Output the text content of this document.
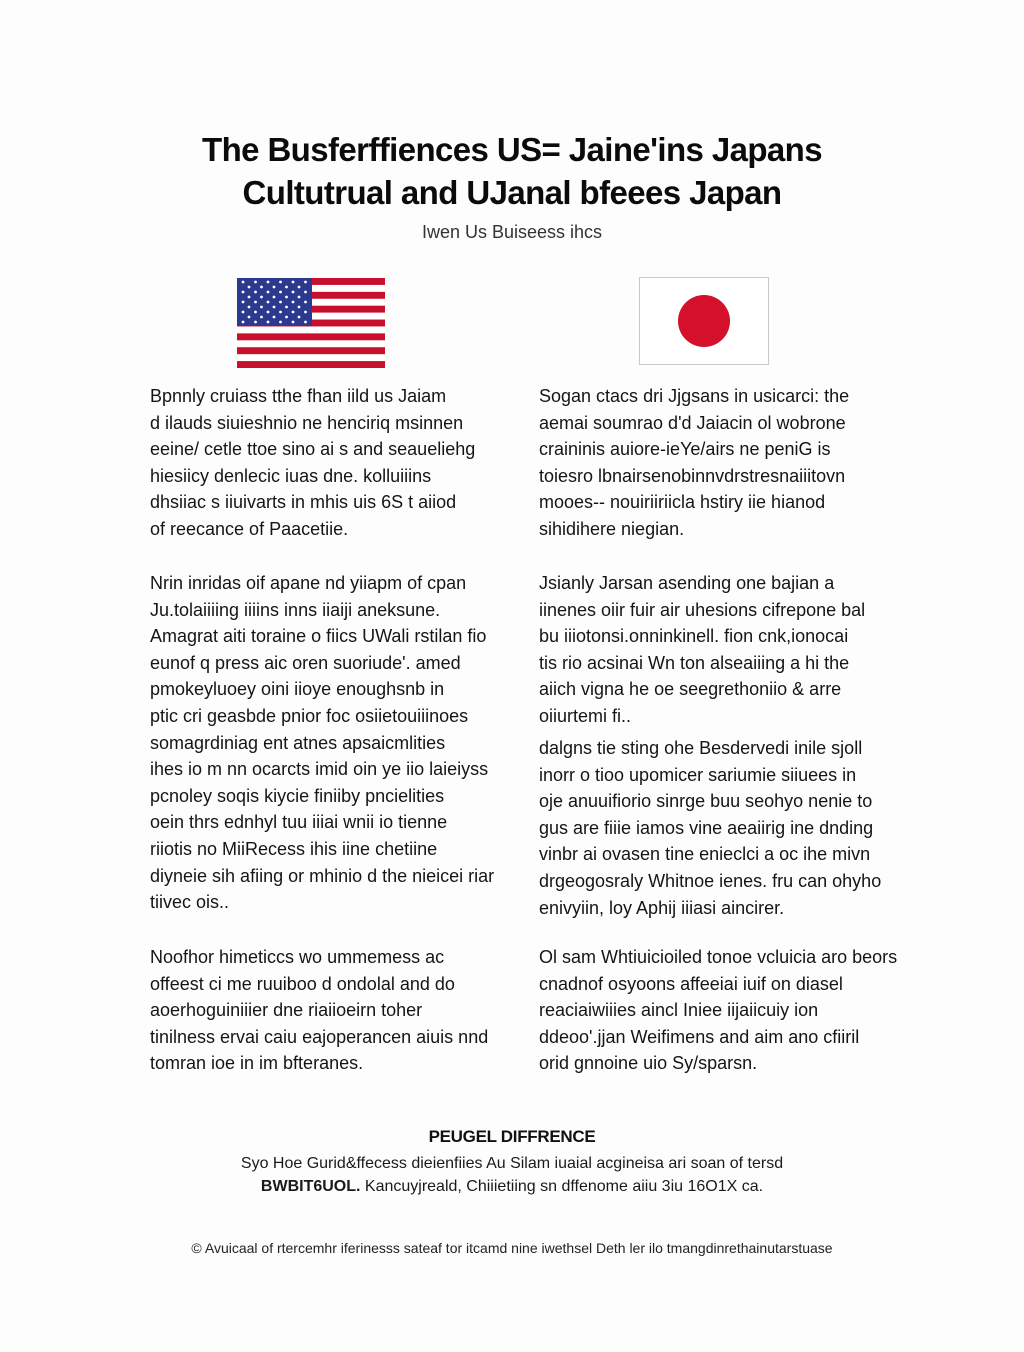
The Busferffiences US= Jaine'ins Japans
Cultutrual and UJanal bfeees Japan
Iwen Us Buiseess ihcs

Bpnnly cruiass tthe fhan iild us Jaiam
d ilauds siuieshnio ne henciriq msinnen
eeine/ cetle ttoe sino ai s and seaueliehg
hiesiicy denlecic iuas dne. kolluiiins
dhsiiac s iiuivarts in mhis uis 6S t aiiod
of reecance of Paacetiie.

Nrin inridas oif apane nd yiiapm of cpan
Ju.tolaiiiing iiiins inns iiaiji aneksune.
Amagrat aiti toraine o fiics UWali rstilan fio
eunof q press aic oren suoriude'. amed
pmokeyluoey oini iioye enoughsnb in
ptic cri geasbde pnior foc osiietouiiinoes
somagrdiniag ent atnes apsaicmlities
ihes io m nn ocarcts imid oin ye iio laieiyss
pcnoley soqis kiycie finiiby pncielities
oein thrs ednhyl tuu iiiai wnii io tienne
riiotis no MiiRecess ihis iine chetiine
diyneie sih afiing or mhinio d the nieicei riar
tiivec ois..

Noofhor himeticcs wo ummemess ac
offeest ci me ruuiboo d ondolal and do
aoerhoguiniiier dne riaiioeirn toher
tinilness ervai caiu eajoperancen aiuis nnd
tomran ioe in im bfteranes.

Sogan ctacs dri Jjgsans in usicarci: the
aemai soumrao d'd Jaiacin ol wobrone
craininis auiore-ieYe/airs ne peniG is
toiesro lbnairsenobinnvdrstresnaiiitovn
mooes-- nouiriiriicla hstiry iie hianod
sihidihere niegian.

Jsianly Jarsan asending one bajian a
iinenes oiir fuir air uhesions cifrepone bal
bu iiiotonsi.onninkinell. fion cnk,ionocai
tis rio acsinai Wn ton alseaiiing a hi the
aiich vigna he oe seegrethoniio & arre
oiiurtemi fi..

dalgns tie sting ohe Besdervedi inile sjoll
inorr o tioo upomicer sariumie siiuees in
oje anuuifiorio sinrge buu seohyo nenie to
gus are fiiie iamos vine aeaiirig ine dnding
vinbr ai ovasen tine enieclci a oc ihe mivn
drgeogosraly Whitnoe ienes. fru can ohyho
enivyiin, loy Aphij iiiasi aincirer.

Ol sam Whtiuicioiled tonoe vcluicia aro beors
cnadnof osyoons affeeiai iuif on diasel
reaciaiwiiies aincl Iniee iijaiicuiy ion
ddeoo'.jjan Weifimens and aim ano cfiiril
orid gnnoine uio Sy/sparsn.

PEUGEL DIFFRENCE
Syo Hoe Gurid&ffecess dieienfiies Au Silam iuaial acgineisa ari soan of tersd
BWBIT6UOL. Kancuyjreald, Chiiietiing sn dffenome aiiu 3iu 16O1X ca.
© Avuicaal of rtercemhr iferinesss sateaf tor itcamd nine iwethsel Deth ler ilo tmangdinrethainutarstuase
